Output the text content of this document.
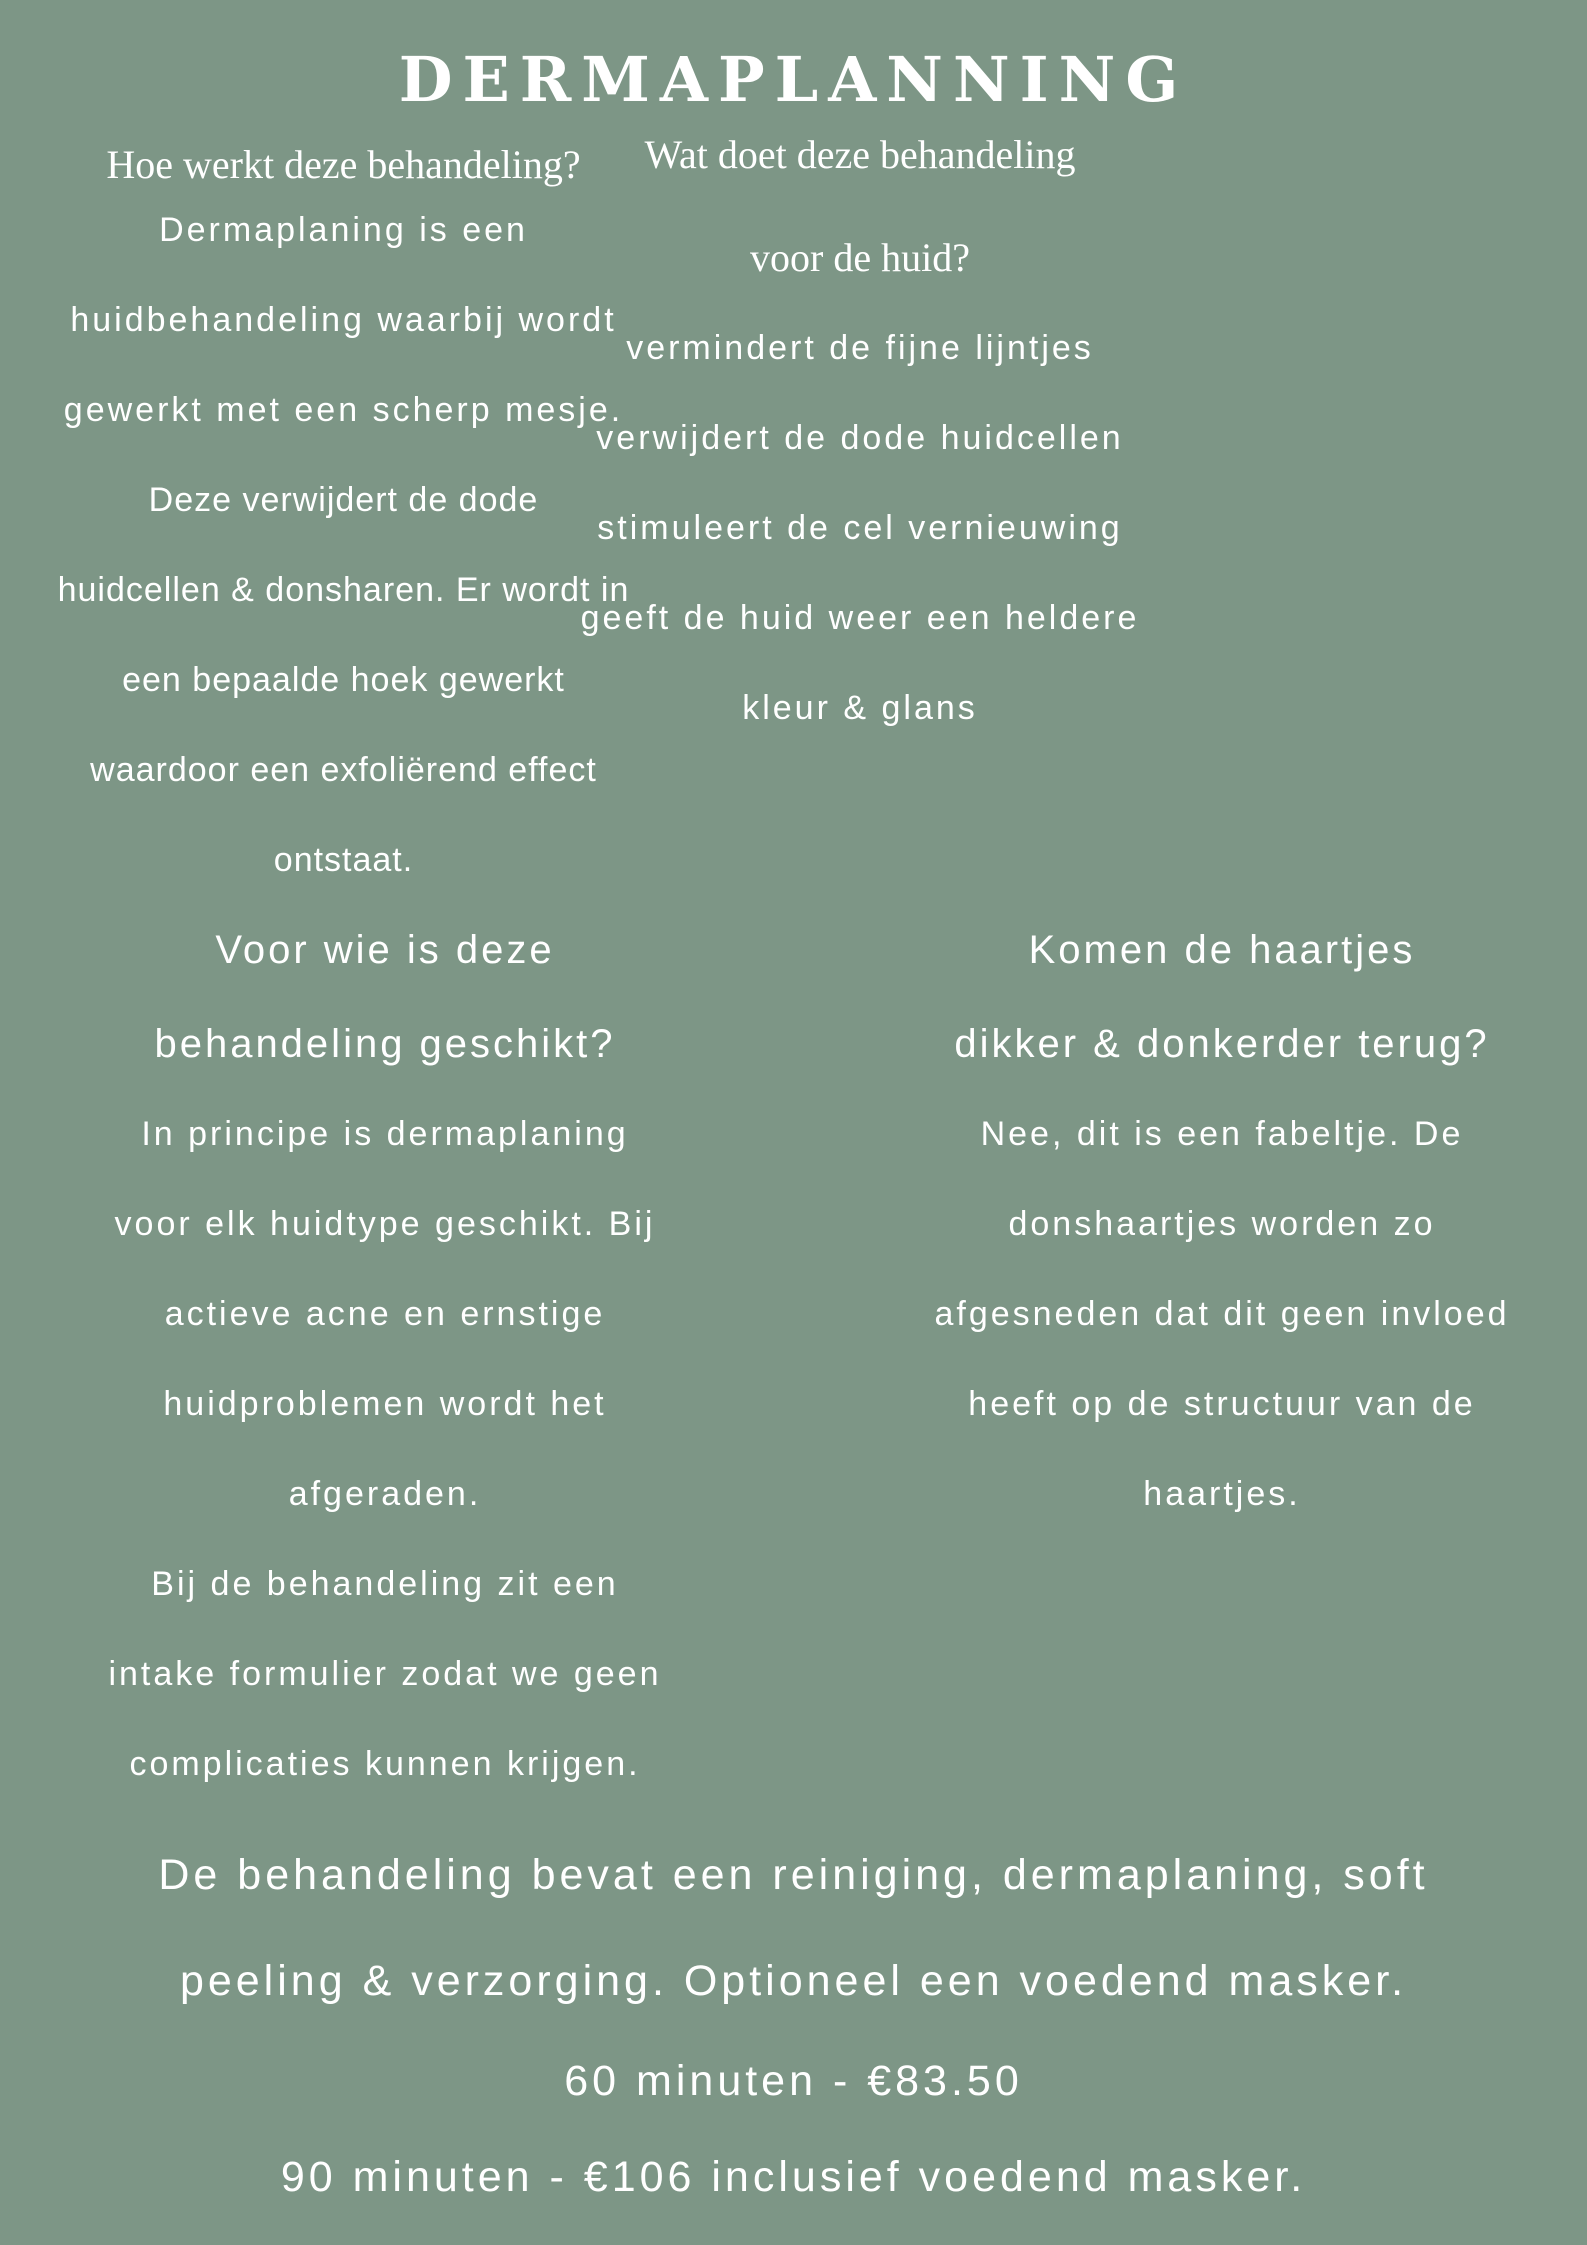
DERMAPLANNING
Hoe werkt deze behandeling?
Dermaplaning is een
huidbehandeling waarbij wordt
gewerkt met een scherp mesje.
Deze verwijdert de dode
huidcellen & donsharen. Er wordt in
een bepaalde hoek gewerkt
waardoor een exfoliërend effect
ontstaat.
Wat doet deze behandeling
voor de huid?
vermindert de fijne lijntjes
verwijdert de dode huidcellen
stimuleert de cel vernieuwing
geeft de huid weer een heldere
kleur & glans
Voor wie is deze
behandeling geschikt?
In principe is dermaplaning
voor elk huidtype geschikt. Bij
actieve acne en ernstige
huidproblemen wordt het
afgeraden.
Bij de behandeling zit een
intake formulier zodat we geen
complicaties kunnen krijgen.
Komen de haartjes
dikker & donkerder terug?
Nee, dit is een fabeltje. De
donshaartjes worden zo
afgesneden dat dit geen invloed
heeft op de structuur van de
haartjes.
De behandeling bevat een reiniging, dermaplaning, soft
peeling & verzorging. Optioneel een voedend masker.
60 minuten - €83.50
90 minuten - €106 inclusief voedend masker.
